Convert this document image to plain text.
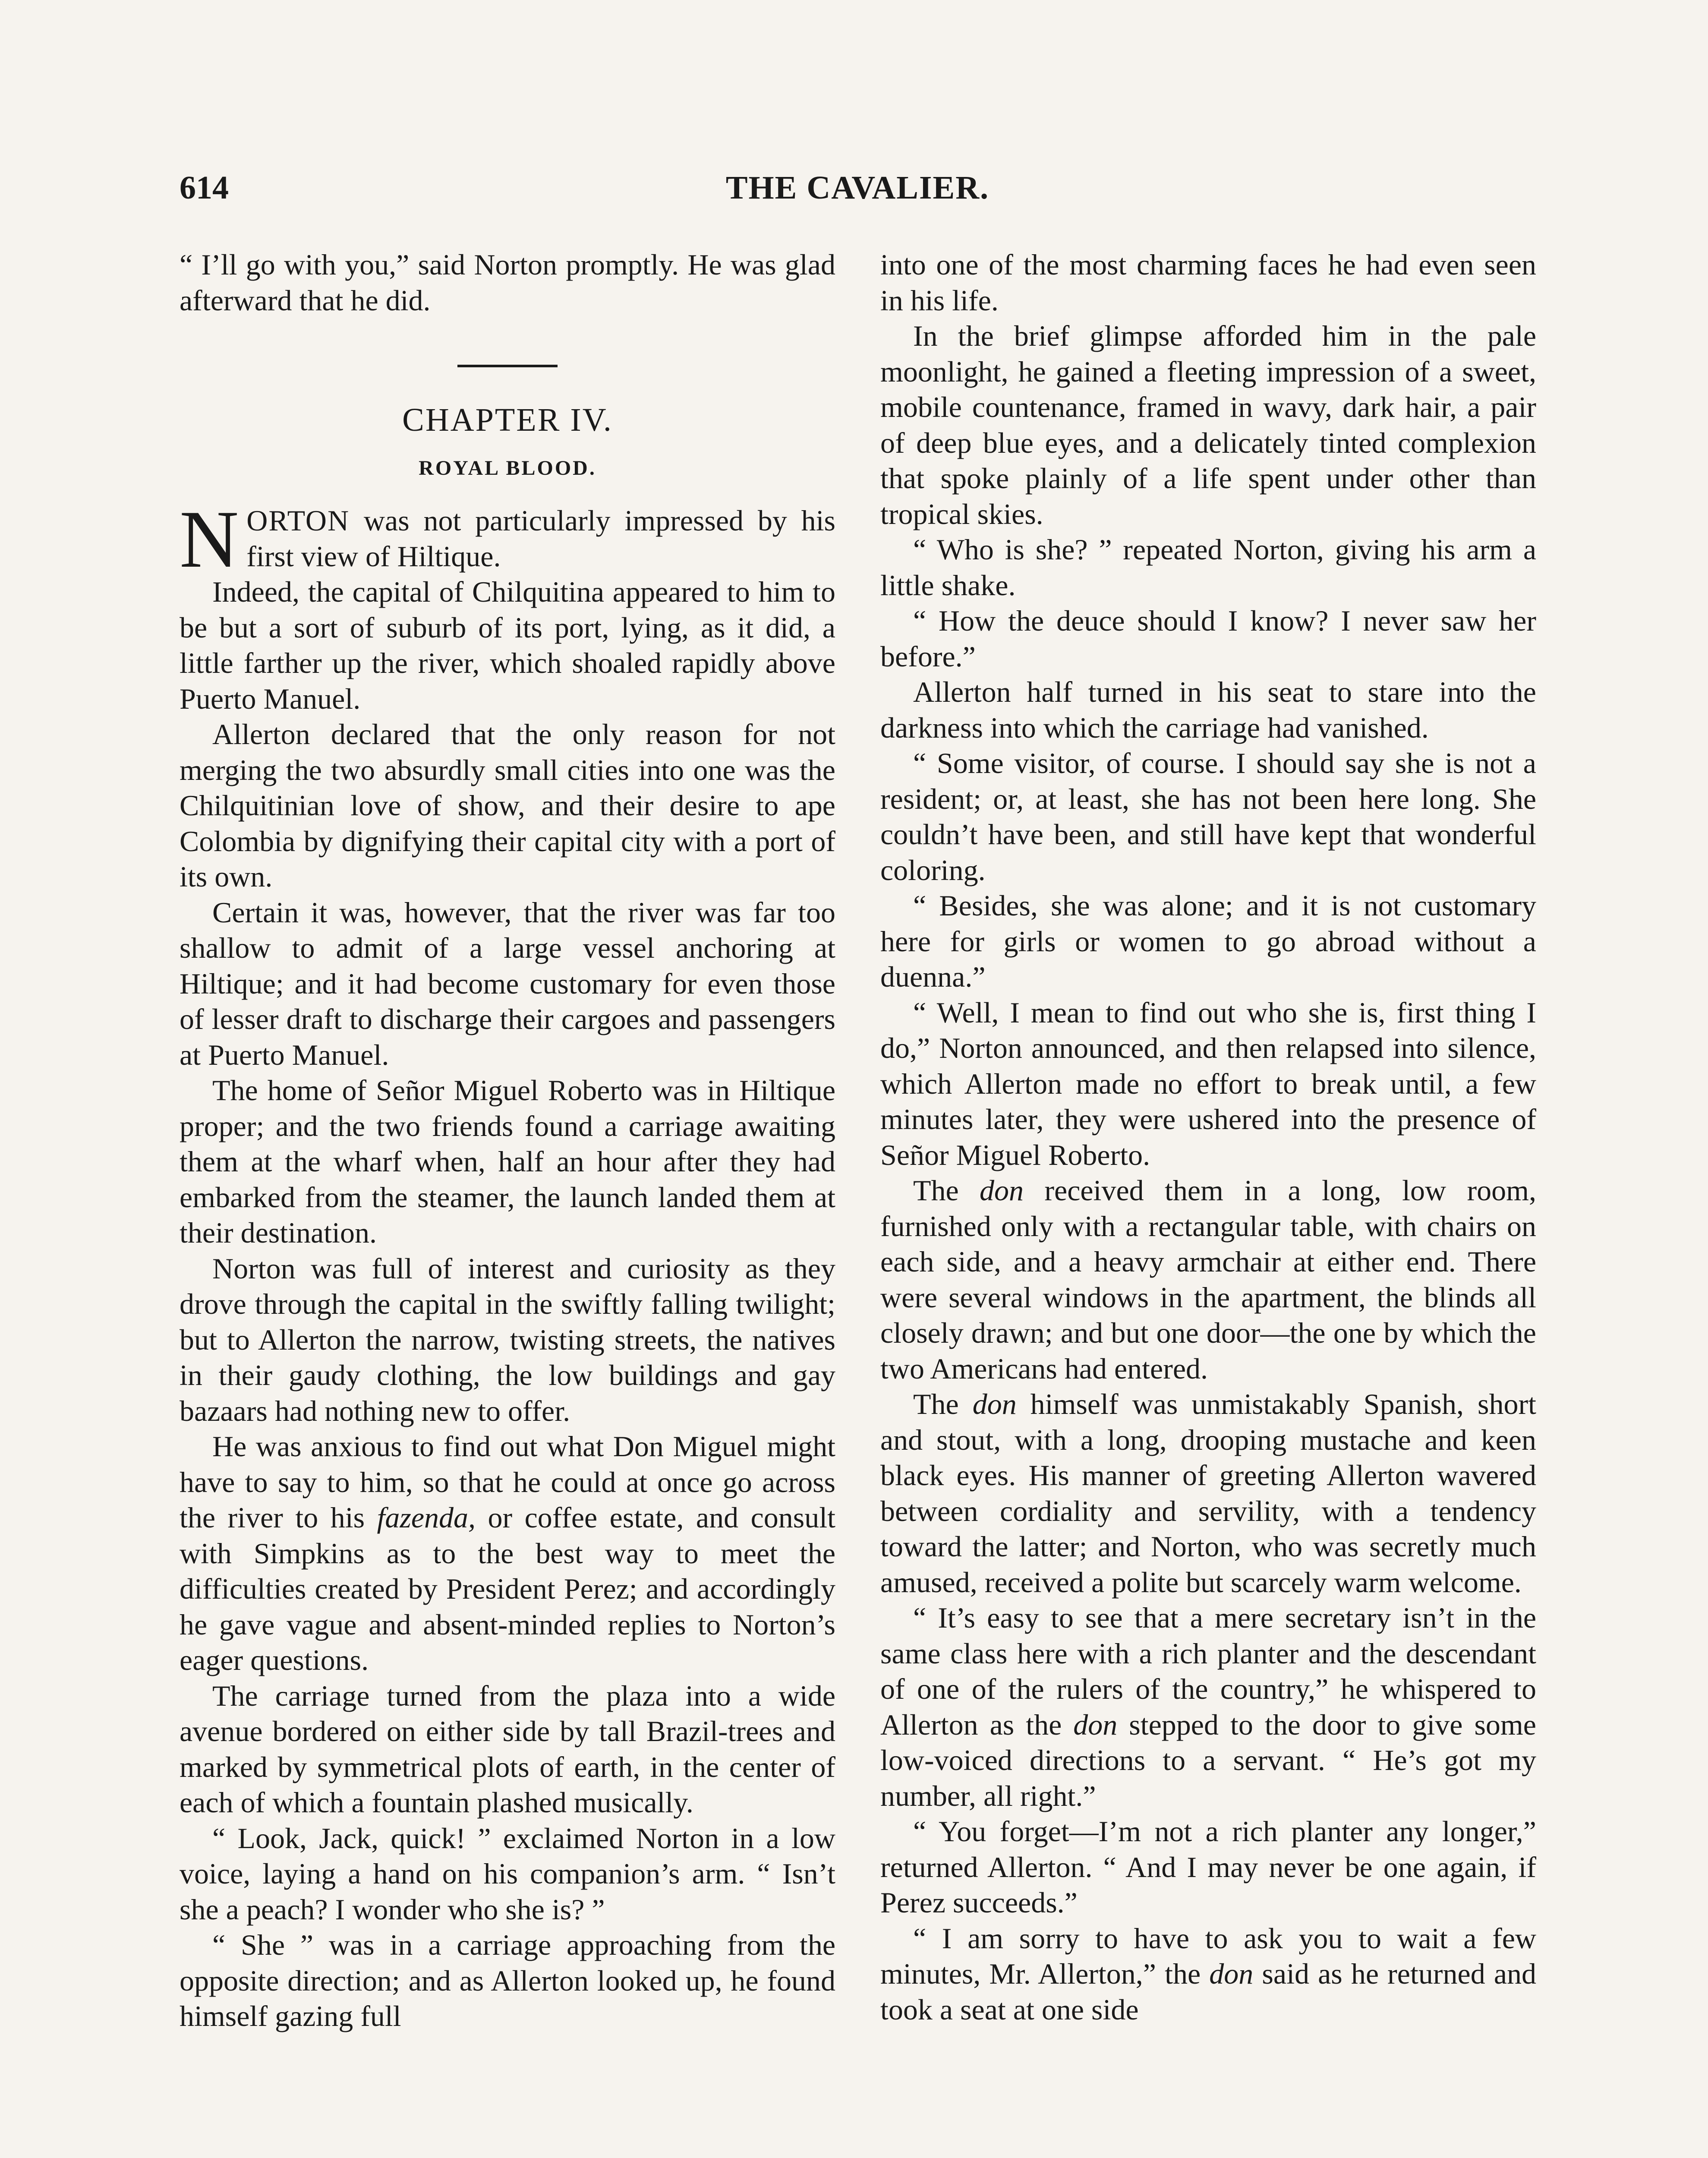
614	THE CAVALIER.

“ I’ll go with you,” said Norton promptly. He was glad afterward that he did.

CHAPTER IV.
ROYAL BLOOD.

NORTON was not particularly impressed by his first view of Hiltique.

Indeed, the capital of Chilquitina appeared to him to be but a sort of suburb of its port, lying, as it did, a little farther up the river, which shoaled rapidly above Puerto Manuel.

Allerton declared that the only reason for not merging the two absurdly small cities into one was the Chilquitinian love of show, and their desire to ape Colombia by dignifying their capital city with a port of its own.

Certain it was, however, that the river was far too shallow to admit of a large vessel anchoring at Hiltique; and it had become customary for even those of lesser draft to discharge their cargoes and passengers at Puerto Manuel.

The home of Señor Miguel Roberto was in Hiltique proper; and the two friends found a carriage awaiting them at the wharf when, half an hour after they had embarked from the steamer, the launch landed them at their destination.

Norton was full of interest and curiosity as they drove through the capital in the swiftly falling twilight; but to Allerton the narrow, twisting streets, the natives in their gaudy clothing, the low buildings and gay bazaars had nothing new to offer.

He was anxious to find out what Don Miguel might have to say to him, so that he could at once go across the river to his fazenda, or coffee estate, and consult with Simpkins as to the best way to meet the difficulties created by President Perez; and accordingly he gave vague and absent-minded replies to Norton’s eager questions.

The carriage turned from the plaza into a wide avenue bordered on either side by tall Brazil-trees and marked by symmetrical plots of earth, in the center of each of which a fountain plashed musically.

“ Look, Jack, quick! ” exclaimed Norton in a low voice, laying a hand on his companion’s arm. “ Isn’t she a peach? I wonder who she is? ”

“ She ” was in a carriage approaching from the opposite direction; and as Allerton looked up, he found himself gazing full

into one of the most charming faces he had even seen in his life.

In the brief glimpse afforded him in the pale moonlight, he gained a fleeting impression of a sweet, mobile countenance, framed in wavy, dark hair, a pair of deep blue eyes, and a delicately tinted complexion that spoke plainly of a life spent under other than tropical skies.

“ Who is she? ” repeated Norton, giving his arm a little shake.

“ How the deuce should I know? I never saw her before.”

Allerton half turned in his seat to stare into the darkness into which the carriage had vanished.

“ Some visitor, of course. I should say she is not a resident; or, at least, she has not been here long. She couldn’t have been, and still have kept that wonderful coloring.

“ Besides, she was alone; and it is not customary here for girls or women to go abroad without a duenna.”

“ Well, I mean to find out who she is, first thing I do,” Norton announced, and then relapsed into silence, which Allerton made no effort to break until, a few minutes later, they were ushered into the presence of Señor Miguel Roberto.

The don received them in a long, low room, furnished only with a rectangular table, with chairs on each side, and a heavy armchair at either end. There were several windows in the apartment, the blinds all closely drawn; and but one door—the one by which the two Americans had entered.

The don himself was unmistakably Spanish, short and stout, with a long, drooping mustache and keen black eyes. His manner of greeting Allerton wavered between cordiality and servility, with a tendency toward the latter; and Norton, who was secretly much amused, received a polite but scarcely warm welcome.

“ It’s easy to see that a mere secretary isn’t in the same class here with a rich planter and the descendant of one of the rulers of the country,” he whispered to Allerton as the don stepped to the door to give some low-voiced directions to a servant. “ He’s got my number, all right.”

“ You forget—I’m not a rich planter any longer,” returned Allerton. “ And I may never be one again, if Perez succeeds.”

“ I am sorry to have to ask you to wait a few minutes, Mr. Allerton,” the don said as he returned and took a seat at one side
